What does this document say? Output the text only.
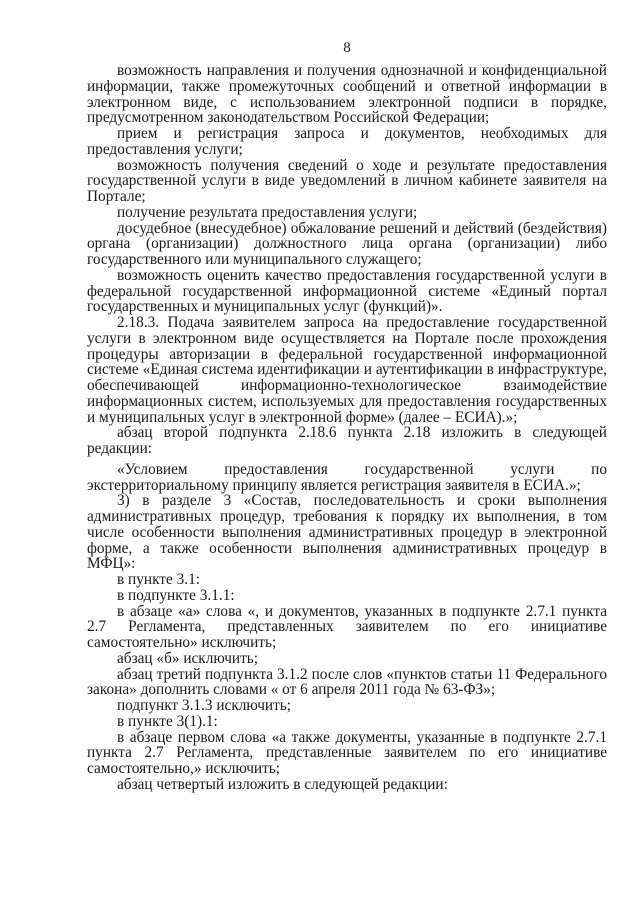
8

возможность направления и получения однозначной и конфиденциальной информации, также промежуточных сообщений и ответной информации в электронном виде, с использованием электронной подписи в порядке, предусмотренном законодательством Российской Федерации;

прием и регистрация запроса и документов, необходимых для предоставления услуги;

возможность получения сведений о ходе и результате предоставления государственной услуги в виде уведомлений в личном кабинете заявителя на Портале;

получение результата предоставления услуги;

досудебное (внесудебное) обжалование решений и действий (бездействия) органа (организации) должностного лица органа (организации) либо государственного или муниципального служащего;

возможность оценить качество предоставления государственной услуги в федеральной государственной информационной системе «Единый портал государственных и муниципальных услуг (функций)».

2.18.3. Подача заявителем запроса на предоставление государственной услуги в электронном виде осуществляется на Портале после прохождения процедуры авторизации в федеральной государственной информационной системе «Единая система идентификации и аутентификации в инфраструктуре, обеспечивающей информационно-технологическое взаимодействие информационных систем, используемых для предоставления государственных и муниципальных услуг в электронной форме» (далее – ЕСИА).»;

абзац второй подпункта 2.18.6 пункта 2.18 изложить в следующей редакции:

«Условием предоставления государственной услуги по экстерриториальному принципу является регистрация заявителя в ЕСИА.»;

3) в разделе 3 «Состав, последовательность и сроки выполнения административных процедур, требования к порядку их выполнения, в том числе особенности выполнения административных процедур в электронной форме, а также особенности выполнения административных процедур в МФЦ»:

в пункте 3.1:

в подпункте 3.1.1:

в абзаце «а» слова «, и документов, указанных в подпункте 2.7.1 пункта 2.7 Регламента, представленных заявителем по его инициативе самостоятельно» исключить;

абзац «б» исключить;

абзац третий подпункта 3.1.2 после слов «пунктов статьи 11 Федерального закона» дополнить словами « от 6 апреля 2011 года № 63-ФЗ»;

подпункт 3.1.3 исключить;

в пункте 3(1).1:

в абзаце первом слова «а также документы, указанные в подпункте 2.7.1 пункта 2.7 Регламента, представленные заявителем по его инициативе самостоятельно,» исключить;

абзац четвертый изложить в следующей редакции:
